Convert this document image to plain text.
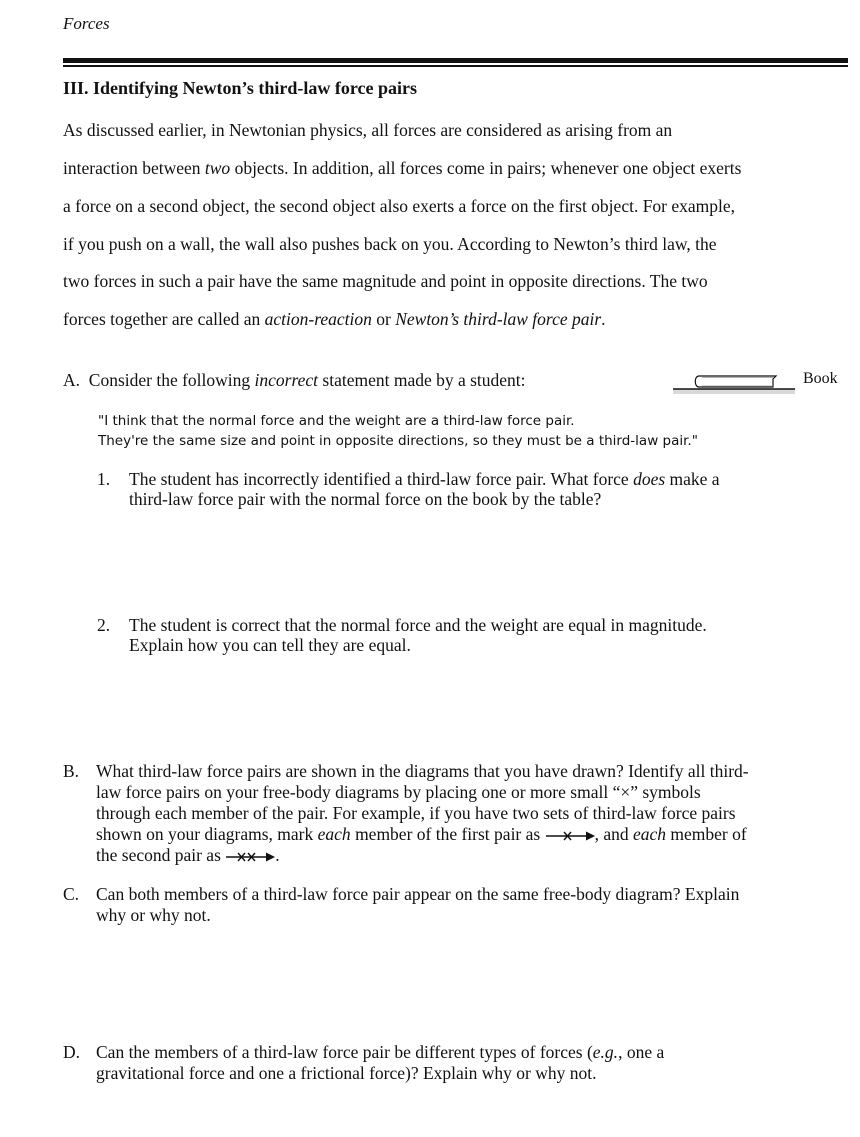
Forces
III. Identifying Newton’s third-law force pairs
As discussed earlier, in Newtonian physics, all forces are considered as arising from an
interaction between two objects. In addition, all forces come in pairs; whenever one object exerts
a force on a second object, the second object also exerts a force on the first object. For example,
if you push on a wall, the wall also pushes back on you. According to Newton’s third law, the
two forces in such a pair have the same magnitude and point in opposite directions. The two
forces together are called an action-reaction or Newton’s third-law force pair.
A. Consider the following incorrect statement made by a student:	Book
"I think that the normal force and the weight are a third-law force pair.
They're the same size and point in opposite directions, so they must be a third-law pair."
1. The student has incorrectly identified a third-law force pair. What force does make a
third-law force pair with the normal force on the book by the table?
2. The student is correct that the normal force and the weight are equal in magnitude.
Explain how you can tell they are equal.
B. What third-law force pairs are shown in the diagrams that you have drawn? Identify all third-
law force pairs on your free-body diagrams by placing one or more small “×” symbols
through each member of the pair. For example, if you have two sets of third-law force pairs
shown on your diagrams, mark each member of the first pair as	, and each member of
the second pair as	.
C. Can both members of a third-law force pair appear on the same free-body diagram? Explain
why or why not.
D. Can the members of a third-law force pair be different types of forces (e.g., one a
gravitational force and one a frictional force)? Explain why or why not.
